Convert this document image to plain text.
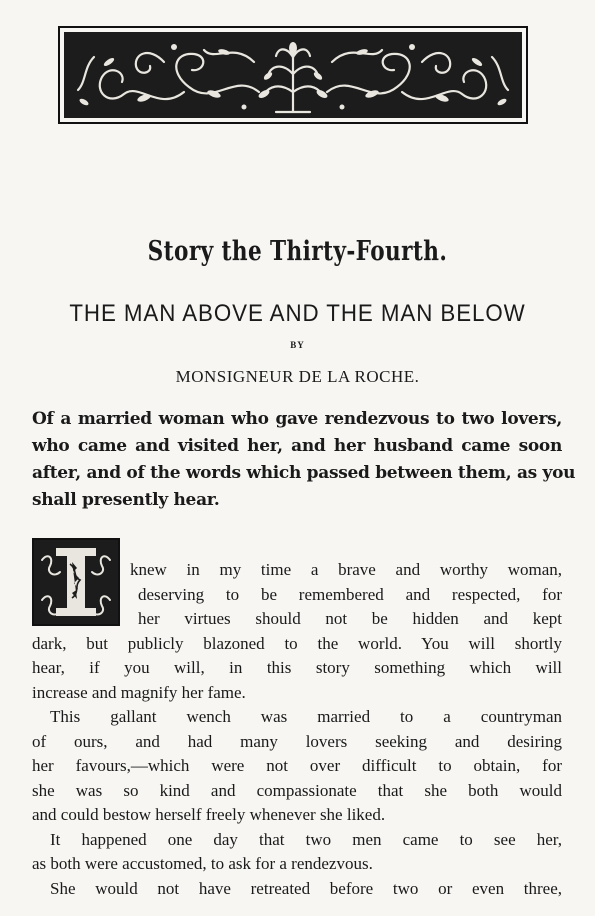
Story the Thirty-Fourth.
THE MAN ABOVE AND THE MAN BELOW
BY
MONSIGNEUR DE LA ROCHE.
Of a married woman who gave rendezvous to two lovers,
who came and visited her, and her husband came soon
after, and of the words which passed between them, as you
shall presently hear.
knew in my time a brave and worthy woman,
deserving to be remembered and respected, for
her virtues should not be hidden and kept
dark, but publicly blazoned to the world. You will shortly
hear, if you will, in this story something which will
increase and magnify her fame.
This gallant wench was married to a countryman
of ours, and had many lovers seeking and desiring
her favours,—which were not over difficult to obtain, for
she was so kind and compassionate that she both would
and could bestow herself freely whenever she liked.
It happened one day that two men came to see her,
as both were accustomed, to ask for a rendezvous.
She would not have retreated before two or even three,
